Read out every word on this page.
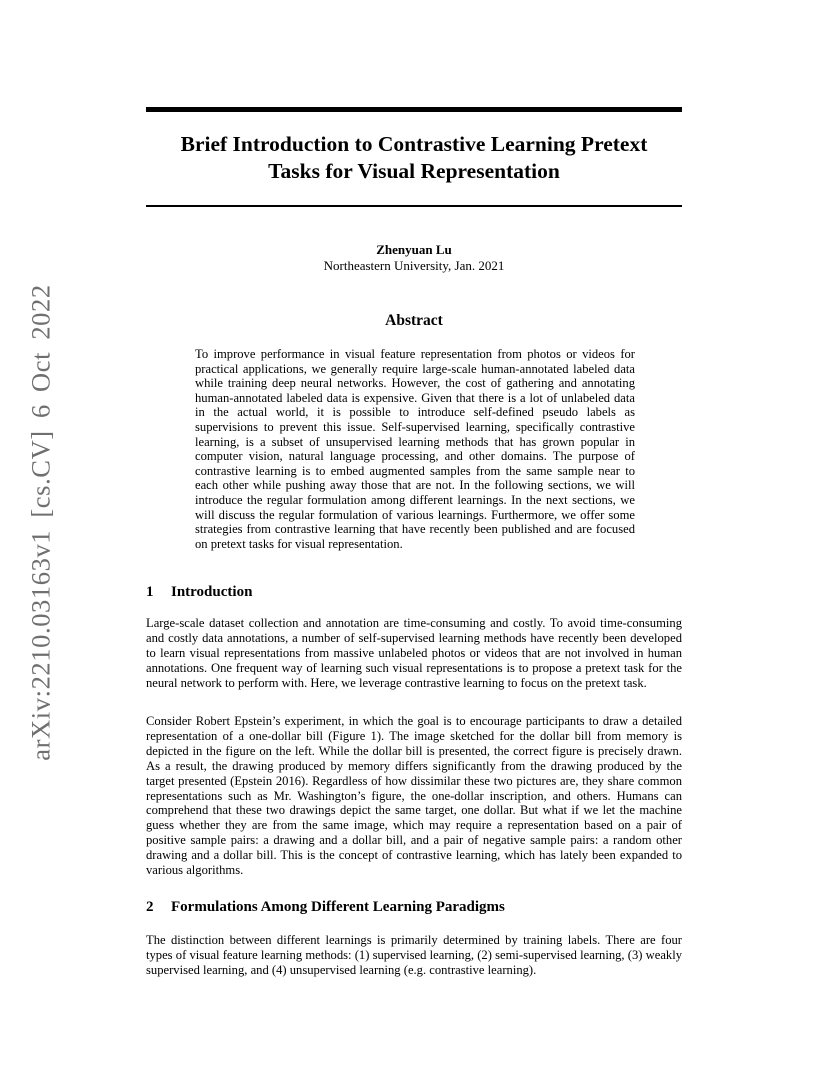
arXiv:2210.03163v1 [cs.CV] 6 Oct 2022
Brief Introduction to Contrastive Learning Pretext
Tasks for Visual Representation
Zhenyuan Lu
Northeastern University, Jan. 2021
Abstract

To improve performance in visual feature representation from photos or videos for practical applications, we generally require large-scale human-annotated labeled data while training deep neural networks. However, the cost of gathering and annotating human-annotated labeled data is expensive. Given that there is a lot of unlabeled data in the actual world, it is possible to introduce self-defined pseudo labels as supervisions to prevent this issue. Self-supervised learning, specifically contrastive learning, is a subset of unsupervised learning methods that has grown popular in computer vision, natural language processing, and other domains. The purpose of contrastive learning is to embed augmented samples from the same sample near to each other while pushing away those that are not. In the following sections, we will introduce the regular formulation among different learnings. In the next sections, we will discuss the regular formulation of various learnings. Furthermore, we offer some strategies from contrastive learning that have recently been published and are focused on pretext tasks for visual representation.

1 Introduction

Large-scale dataset collection and annotation are time-consuming and costly. To avoid time-consuming and costly data annotations, a number of self-supervised learning methods have recently been developed to learn visual representations from massive unlabeled photos or videos that are not involved in human annotations. One frequent way of learning such visual representations is to propose a pretext task for the neural network to perform with. Here, we leverage contrastive learning to focus on the pretext task.

Consider Robert Epstein’s experiment, in which the goal is to encourage participants to draw a detailed representation of a one-dollar bill (Figure 1). The image sketched for the dollar bill from memory is depicted in the figure on the left. While the dollar bill is presented, the correct figure is precisely drawn. As a result, the drawing produced by memory differs significantly from the drawing produced by the target presented (Epstein 2016). Regardless of how dissimilar these two pictures are, they share common representations such as Mr. Washington’s figure, the one-dollar inscription, and others. Humans can comprehend that these two drawings depict the same target, one dollar. But what if we let the machine guess whether they are from the same image, which may require a representation based on a pair of positive sample pairs: a drawing and a dollar bill, and a pair of negative sample pairs: a random other drawing and a dollar bill. This is the concept of contrastive learning, which has lately been expanded to various algorithms.

2 Formulations Among Different Learning Paradigms

The distinction between different learnings is primarily determined by training labels. There are four types of visual feature learning methods: (1) supervised learning, (2) semi-supervised learning, (3) weakly supervised learning, and (4) unsupervised learning (e.g. contrastive learning).
